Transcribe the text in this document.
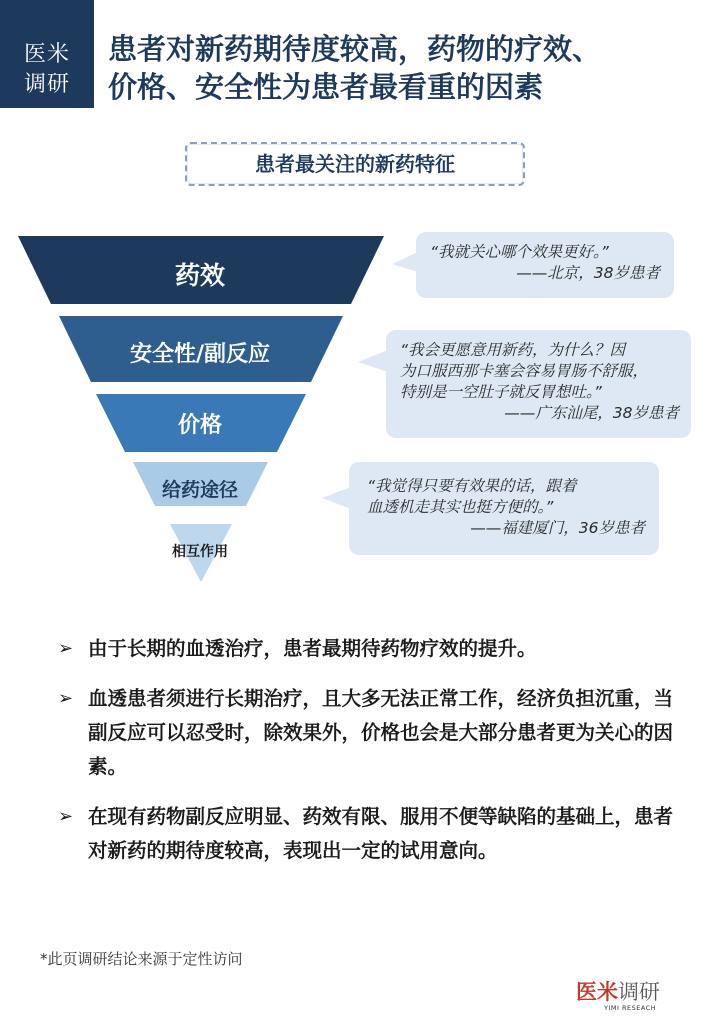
医米
调研
患者对新药期待度较高，药物的疗效、
价格、安全性为患者最看重的因素
患者最关注的新药特征
药效
安全性/副反应
价格
给药途径
相互作用
“我就关心哪个效果更好。”
——北京，38岁患者
“我会更愿意用新药，为什么？因
为口服西那卡塞会容易胃肠不舒服，
特别是一空肚子就反胃想吐。”
——广东汕尾，38岁患者
“我觉得只要有效果的话，跟着
血透机走其实也挺方便的。”
——福建厦门，36岁患者
➢ 由于长期的血透治疗，患者最期待药物疗效的提升。
➢ 血透患者须进行长期治疗，且大多无法正常工作，经济负担沉重，当副反应可以忍受时，除效果外，价格也会是大部分患者更为关心的因素。
➢ 在现有药物副反应明显、药效有限、服用不便等缺陷的基础上，患者对新药的期待度较高，表现出一定的试用意向。
*此页调研结论来源于定性访问
医米调研
YIMI RESEACH
